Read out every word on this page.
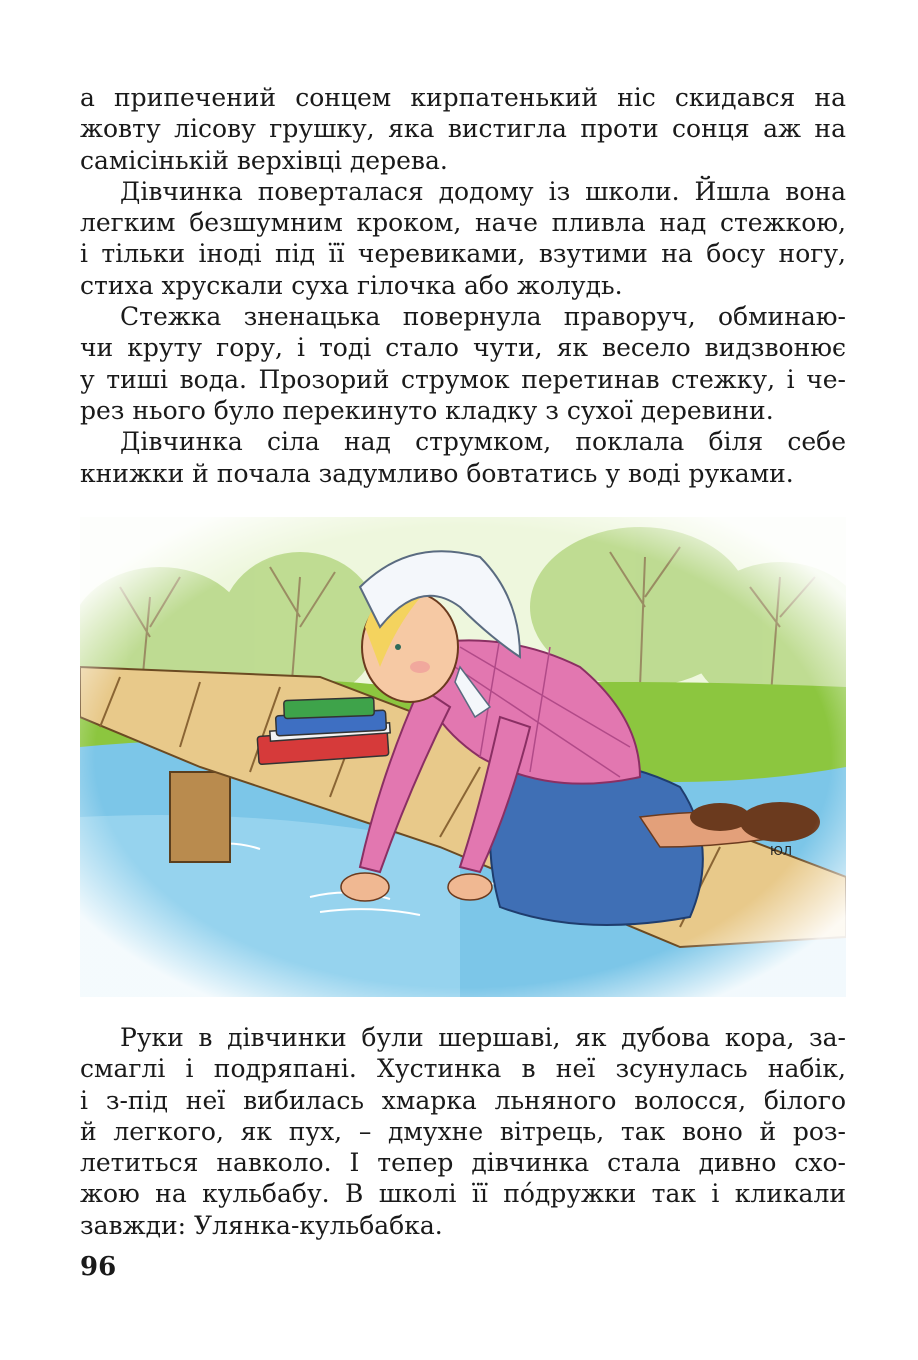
а припечений сонцем кирпатенький ніс скидався на
жовту лісову грушку, яка вистигла проти сонця аж на
самісінькій верхівці дерева.

Дівчинка поверталася додому із школи. Йшла вона
легким безшумним кроком, наче пливла над стежкою,
і тільки іноді під її черевиками, взутими на босу ногу,
стиха хрускали суха гілочка або жолудь.

Стежка зненацька повернула праворуч, обминаю-
чи круту гору, і тоді стало чути, як весело видзвонює
у тиші вода. Прозорий струмок перетинав стежку, і че-
рез нього було перекинуто кладку з сухої деревини.

Дівчинка сіла над струмком, поклала біля себе
книжки й почала задумливо бовтатись у воді руками.

Руки в дівчинки були шершаві, як дубова кора, за-
смаглі і подряпані. Хустинка в неї зсунулась набік,
і з-під неї вибилась хмарка льняного волосся, білого
й легкого, як пух, – дмухне вітрець, так воно й роз-
летиться навколо. І тепер дівчинка стала дивно схо-
жою на кульбабу. В школі її по́дружки так і кликали
завжди: Улянка-кульбабка.

96
